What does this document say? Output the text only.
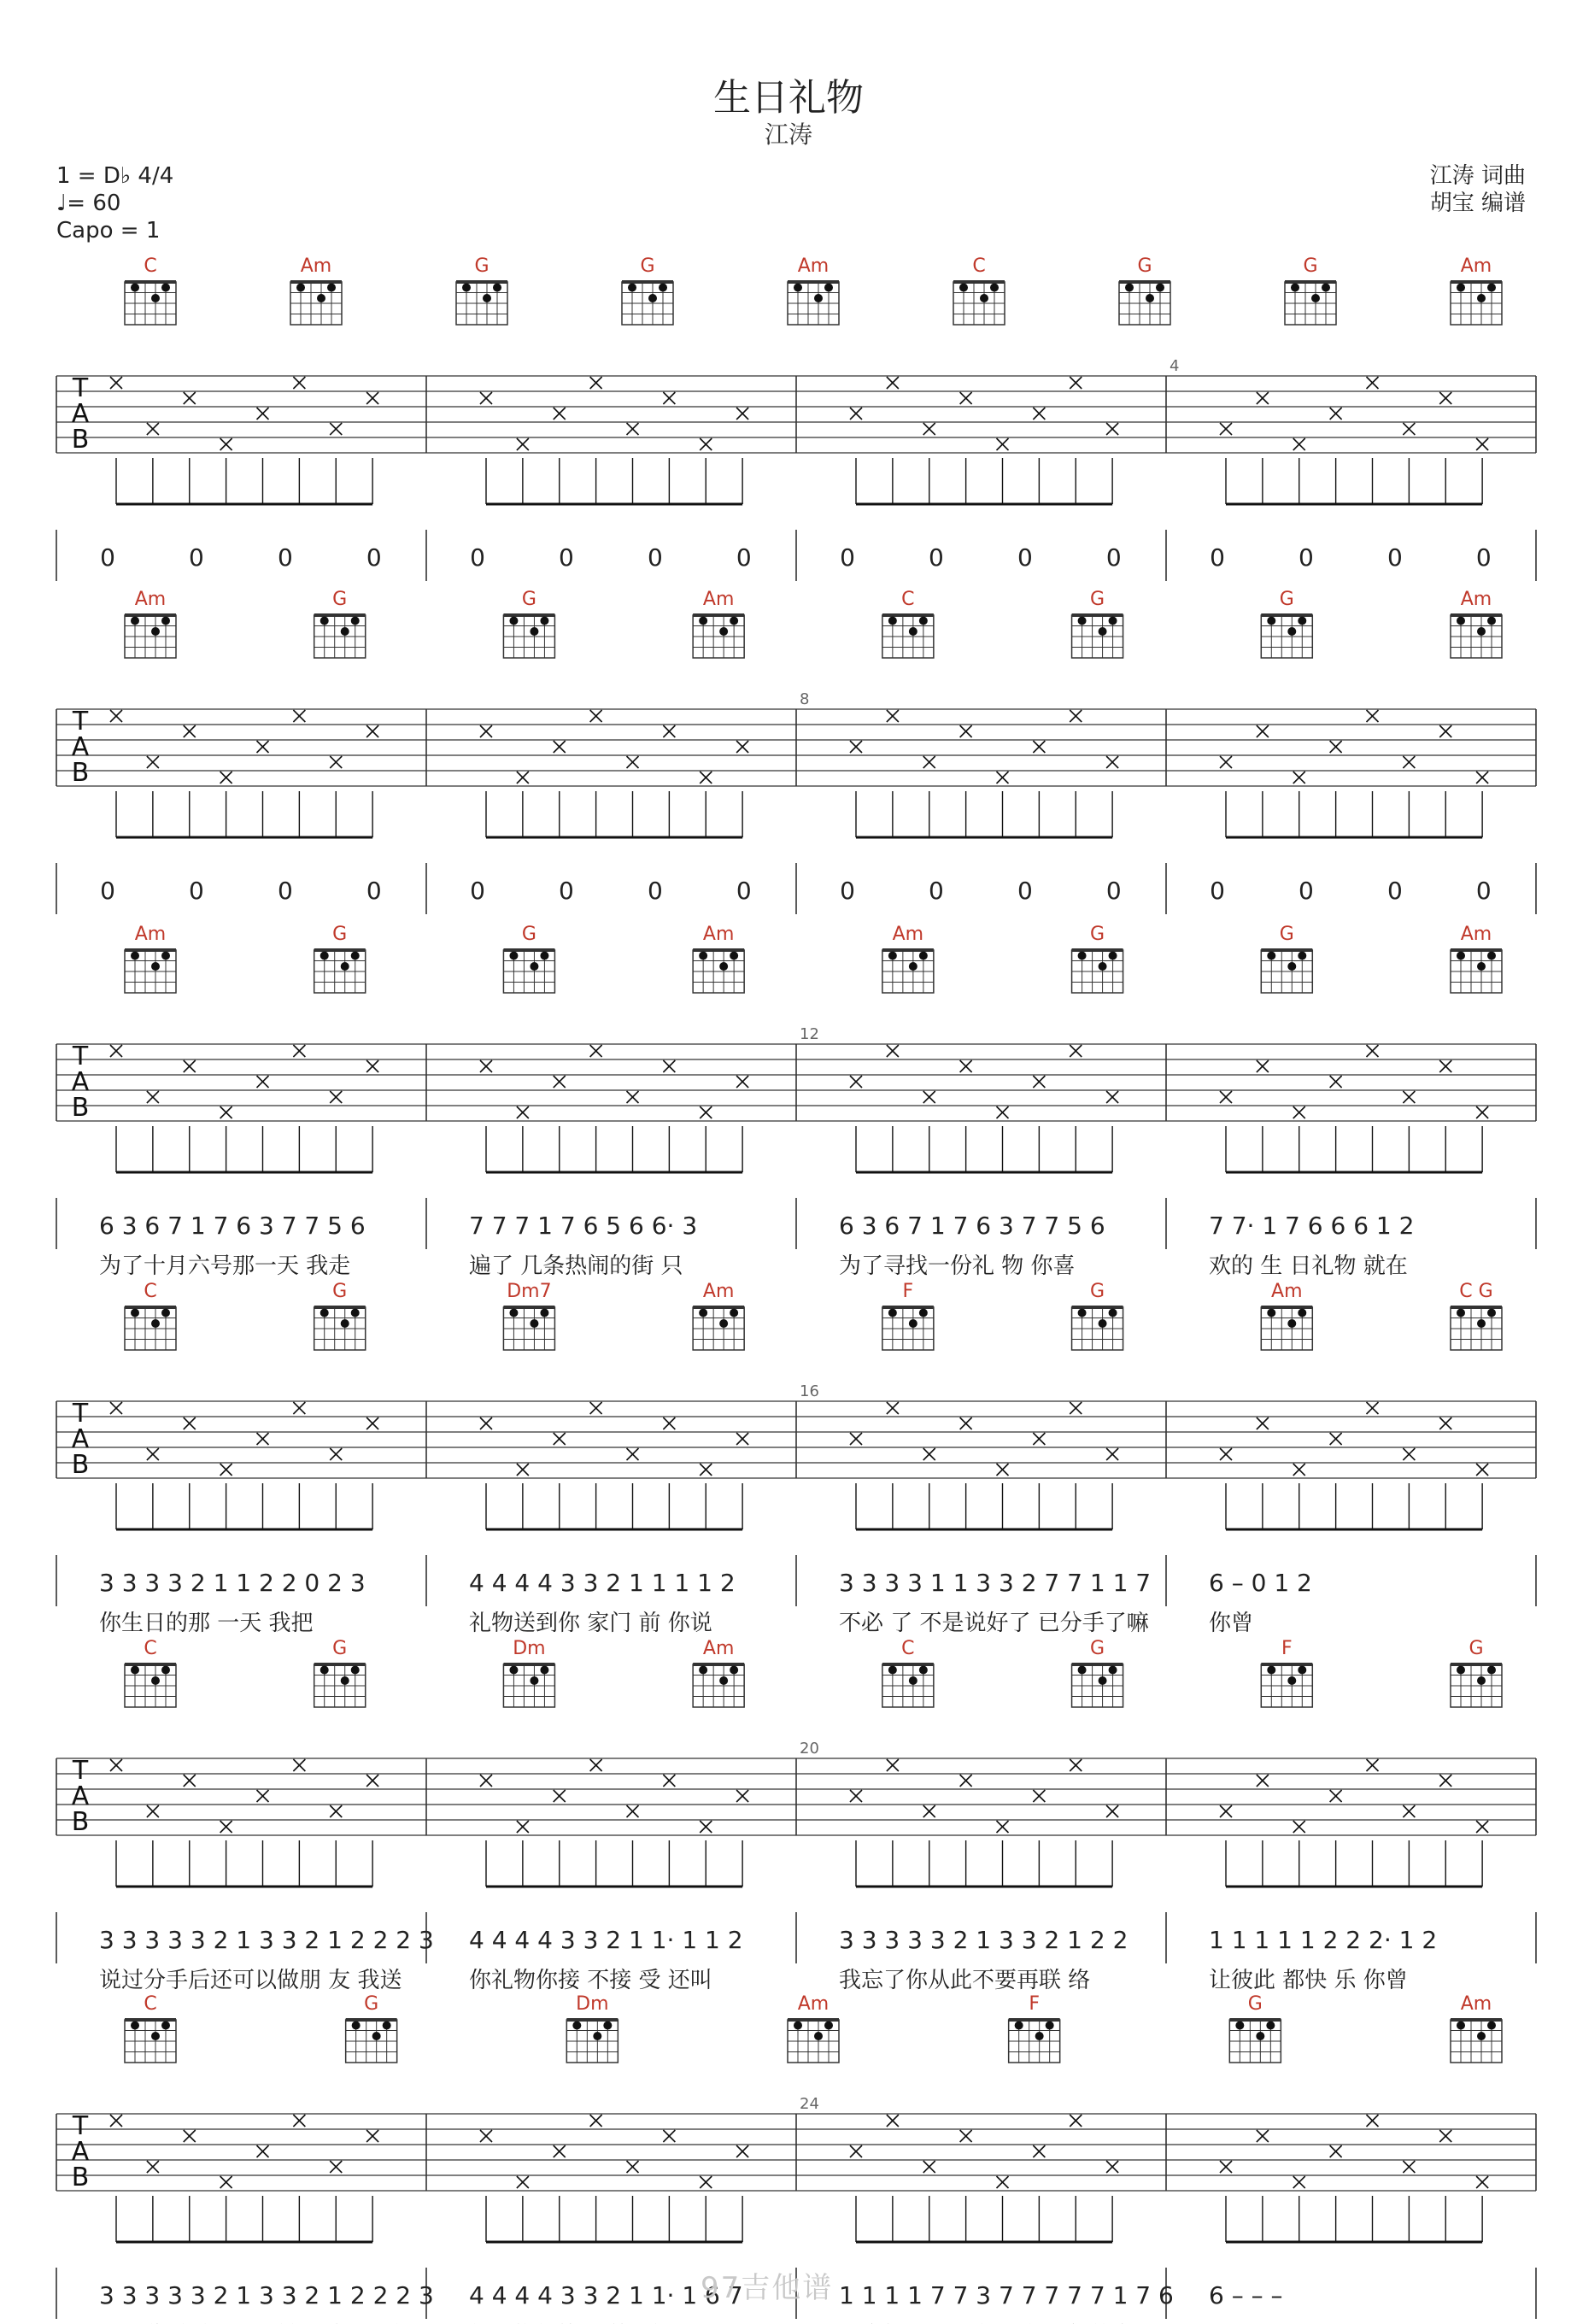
生日礼物
江涛
1 = D♭ 4/4
♩= 60
Capo = 1
江涛 词曲
胡宝 编谱
C	Am	G	G	Am	C	G	G	Am
T
A
B
4
0	0	0	0	0	0	0	0	0	0	0	0	0	0	0	0
Am	G	G	Am	C	G	G	Am
T
A
B
8
0	0	0	0	0	0	0	0	0	0	0	0	0	0	0	0
Am	G	G	Am	Am	G	G	Am
T
A
B
12
6 3 6 7 1 7 6 3 7 7 5 6	7 7 7 1 7 6 5 6 6· 3	6 3 6 7 1 7 6 3 7 7 5 6	7 7· 1 7 6 6 6 1 2
为了十月六号那一天 我走	遍了 几条热闹的街 只	为了寻找一份礼 物 你喜	欢的 生 日礼物 就在
C	G	Dm7	Am	F	G	Am	C G
T
A
B
16
3 3 3 3 2 1 1 2 2 0 2 3	4 4 4 4 3 3 2 1 1 1 1 2	3 3 3 3 1 1 3 3 2 7 7 1 1 7 6 – 0 1 2
你生日的那 一天 我把	礼物送到你 家门 前 你说	不必 了 不是说好了 已分手了嘛	你曾
C	G	Dm	Am	C	G	F	G
T
A
B
20
3 3 3 3 3 2 1 3 3 2 1 2 2 2 3 4 4 4 4 3 3 2 1 1· 1 1 2	3 3 3 3 3 2 1 3 3 2 1 2 2	1 1 1 1 1 2 2 2· 1 2
说过分手后还可以做朋 友 我送	你礼物你接 不接 受 还叫	我忘了你从此不要再联 络	让彼此 都快 乐 你曾
C	G	Dm	Am	F	G	Am
T
A
B
24
3 3 3 3 3 2 1 3 3 2 1 2 2 2 3 4 4 4 4 3 3 2 1 1· 1 6 7	1 1 1 1 7 7 3 7 7 7 7 7 1 7 6 6 – – –
97吉他谱
